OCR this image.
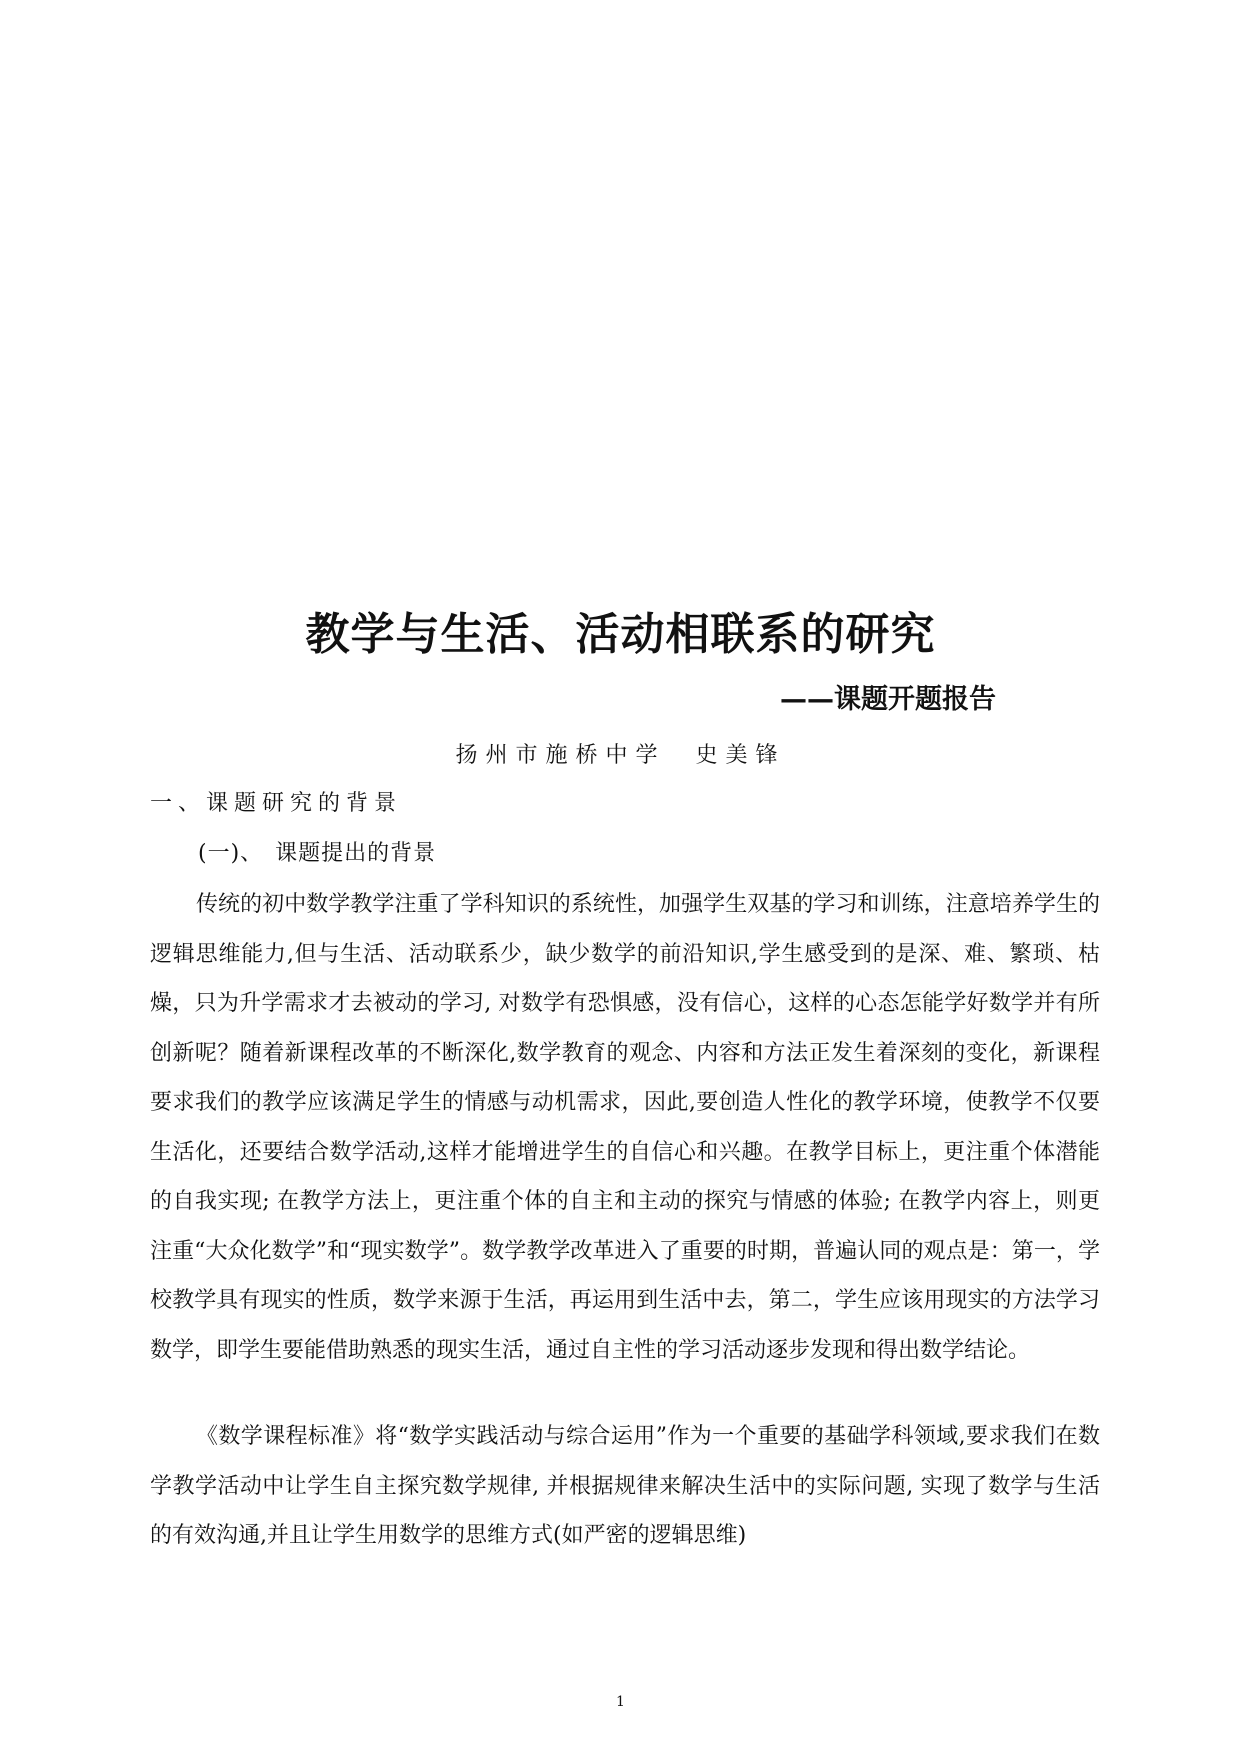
教学与生活、活动相联系的研究
——课题开题报告
扬州市施桥中学　史美锋
一、课题研究的背景
(一)、　课题提出的背景

传统的初中数学教学注重了学科知识的系统性，加强学生双基的学习和训练，注意培养学生的逻辑思维能力,但与生活、活动联系少，缺少数学的前沿知识,学生感受到的是深、难、繁琐、枯燥，只为升学需求才去被动的学习, 对数学有恐惧感，没有信心，这样的心态怎能学好数学并有所创新呢？随着新课程改革的不断深化,数学教育的观念、内容和方法正发生着深刻的变化，新课程要求我们的教学应该满足学生的情感与动机需求，因此,要创造人性化的教学环境，使教学不仅要生活化，还要结合数学活动,这样才能增进学生的自信心和兴趣。在教学目标上，更注重个体潜能的自我实现; 在教学方法上，更注重个体的自主和主动的探究与情感的体验; 在教学内容上，则更注重“大众化数学”和“现实数学”。数学教学改革进入了重要的时期，普遍认同的观点是：第一，学校教学具有现实的性质，数学来源于生活，再运用到生活中去，第二，学生应该用现实的方法学习数学，即学生要能借助熟悉的现实生活，通过自主性的学习活动逐步发现和得出数学结论。

《数学课程标准》将“数学实践活动与综合运用”作为一个重要的基础学科领域,要求我们在数学教学活动中让学生自主探究数学规律, 并根据规律来解决生活中的实际问题, 实现了数学与生活的有效沟通,并且让学生用数学的思维方式(如严密的逻辑思维)

1
